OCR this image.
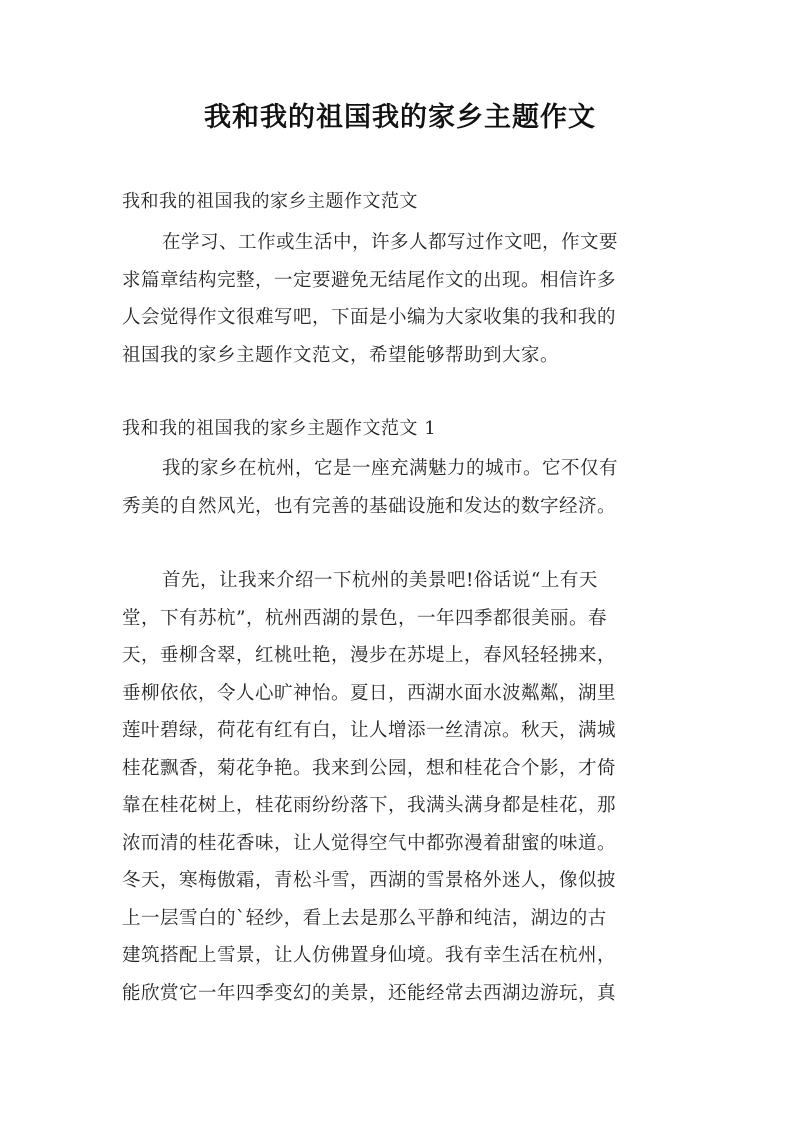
我和我的祖国我的家乡主题作文
我和我的祖国我的家乡主题作文范文
在学习、工作或生活中，许多人都写过作文吧，作文要
求篇章结构完整，一定要避免无结尾作文的出现。相信许多
人会觉得作文很难写吧，下面是小编为大家收集的我和我的
祖国我的家乡主题作文范文，希望能够帮助到大家。
我和我的祖国我的家乡主题作文范文 1
我的家乡在杭州，它是一座充满魅力的城市。它不仅有
秀美的自然风光，也有完善的基础设施和发达的数字经济。
首先，让我来介绍一下杭州的美景吧!俗话说“上有天
堂，下有苏杭”，杭州西湖的景色，一年四季都很美丽。春
天，垂柳含翠，红桃吐艳，漫步在苏堤上，春风轻轻拂来，
垂柳依依，令人心旷神怡。夏日，西湖水面水波粼粼，湖里
莲叶碧绿，荷花有红有白，让人增添一丝清凉。秋天，满城
桂花飘香，菊花争艳。我来到公园，想和桂花合个影，才倚
靠在桂花树上，桂花雨纷纷落下，我满头满身都是桂花，那
浓而清的桂花香味，让人觉得空气中都弥漫着甜蜜的味道。
冬天，寒梅傲霜，青松斗雪，西湖的雪景格外迷人，像似披
上一层雪白的`轻纱，看上去是那么平静和纯洁，湖边的古
建筑搭配上雪景，让人仿佛置身仙境。我有幸生活在杭州，
能欣赏它一年四季变幻的美景，还能经常去西湖边游玩，真
